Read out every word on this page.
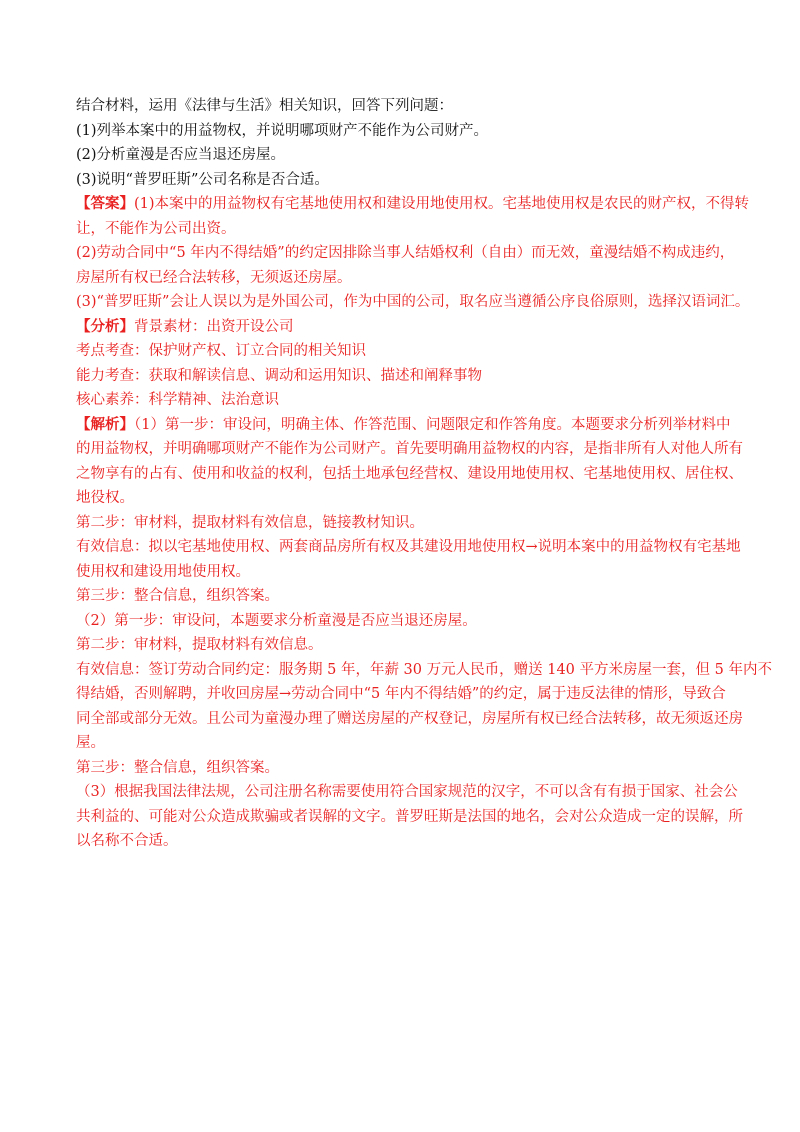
结合材料，运用《法律与生活》相关知识，回答下列问题：

(1)列举本案中的用益物权，并说明哪项财产不能作为公司财产。

(2)分析童漫是否应当退还房屋。

(3)说明“普罗旺斯”公司名称是否合适。

【答案】(1)本案中的用益物权有宅基地使用权和建设用地使用权。宅基地使用权是农民的财产权，不得转

让，不能作为公司出资。

(2)劳动合同中“5 年内不得结婚”的约定因排除当事人结婚权利（自由）而无效，童漫结婚不构成违约，

房屋所有权已经合法转移，无须返还房屋。

(3)“普罗旺斯”会让人误以为是外国公司，作为中国的公司，取名应当遵循公序良俗原则，选择汉语词汇。

【分析】背景素材：出资开设公司

考点考查：保护财产权、订立合同的相关知识

能力考查：获取和解读信息、调动和运用知识、描述和阐释事物

核心素养：科学精神、法治意识

【解析】（1）第一步：审设问，明确主体、作答范围、问题限定和作答角度。本题要求分析列举材料中

的用益物权，并明确哪项财产不能作为公司财产。首先要明确用益物权的内容，是指非所有人对他人所有

之物享有的占有、使用和收益的权利，包括土地承包经营权、建设用地使用权、宅基地使用权、居住权、

地役权。

第二步：审材料，提取材料有效信息，链接教材知识。

有效信息：拟以宅基地使用权、两套商品房所有权及其建设用地使用权→说明本案中的用益物权有宅基地

使用权和建设用地使用权。

第三步：整合信息，组织答案。

（2）第一步：审设问，本题要求分析童漫是否应当退还房屋。

第二步：审材料，提取材料有效信息。

有效信息：签订劳动合同约定：服务期 5 年，年薪 30 万元人民币，赠送 140 平方米房屋一套，但 5 年内不

得结婚，否则解聘，并收回房屋→劳动合同中“5 年内不得结婚”的约定，属于违反法律的情形，导致合

同全部或部分无效。且公司为童漫办理了赠送房屋的产权登记，房屋所有权已经合法转移，故无须返还房

屋。

第三步：整合信息，组织答案。

（3）根据我国法律法规，公司注册名称需要使用符合国家规范的汉字，不可以含有有损于国家、社会公

共利益的、可能对公众造成欺骗或者误解的文字。普罗旺斯是法国的地名，会对公众造成一定的误解，所

以名称不合适。
